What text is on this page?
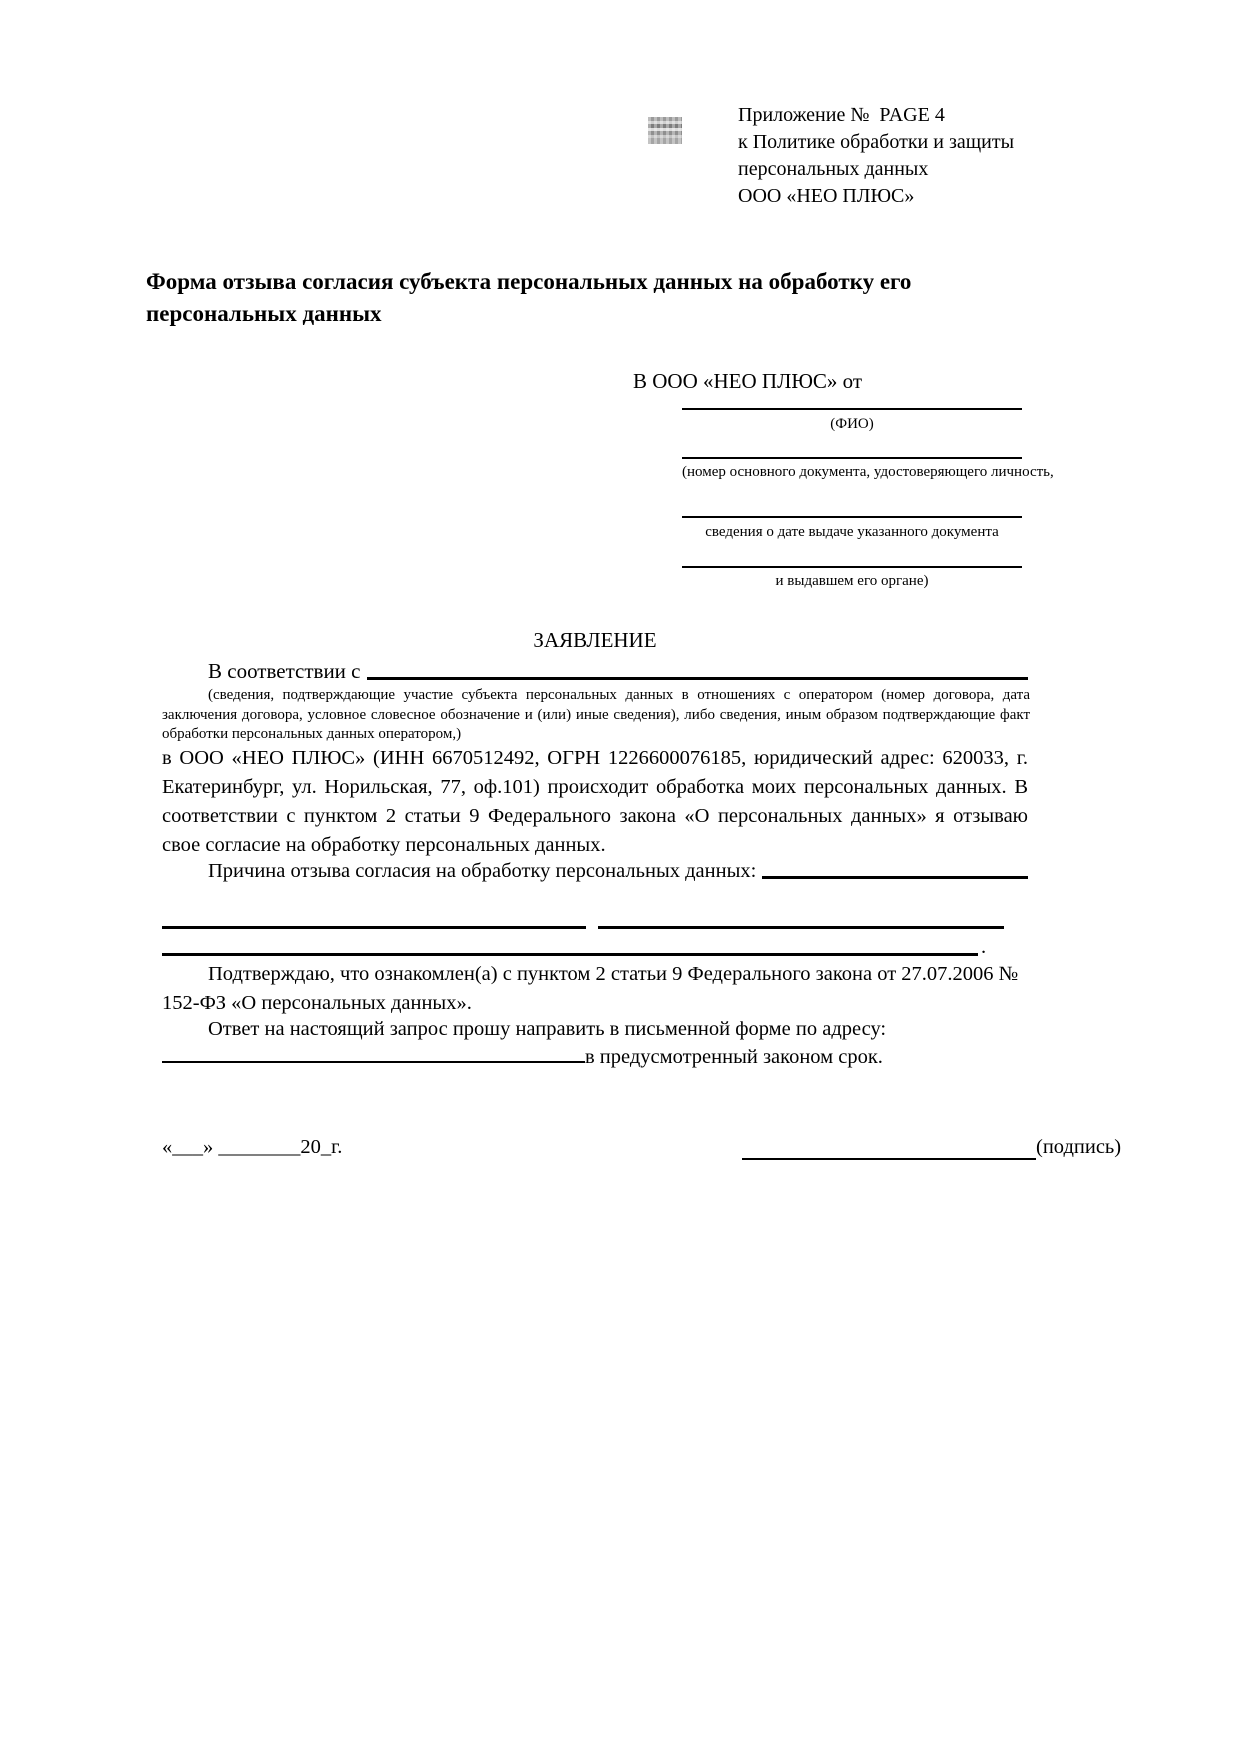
Приложение №  PAGE 4
к Политике обработки и защиты
персональных данных
ООО «НЕО ПЛЮС»
Форма отзыва согласия субъекта персональных данных на обработку его персональных данных
В ООО «НЕО ПЛЮС» от
(ФИО)
(номер основного документа, удостоверяющего личность,
сведения о дате выдаче указанного документа
и выдавшем его органе)
ЗАЯВЛЕНИЕ
В соответствии с
(сведения, подтверждающие участие субъекта персональных данных в отношениях с оператором (номер договора, дата заключения договора, условное словесное обозначение и (или) иные сведения), либо сведения, иным образом подтверждающие факт обработки персональных данных оператором,)
в ООО «НЕО ПЛЮС» (ИНН 6670512492, ОГРН 1226600076185, юридический адрес: 620033, г. Екатеринбург, ул. Норильская, 77, оф.101) происходит обработка моих персональных данных. В соответствии с пунктом 2 статьи 9 Федерального закона «О персональных данных» я отзываю свое согласие на обработку персональных данных.
Причина отзыва согласия на обработку персональных данных:
.
Подтверждаю, что ознакомлен(а) с пунктом 2 статьи 9 Федерального закона от 27.07.2006 № 152-ФЗ «О персональных данных».
Ответ на настоящий запрос прошу направить в письменной форме по адресу:
в предусмотренный законом срок.
«___» ________20_г.	(подпись)
